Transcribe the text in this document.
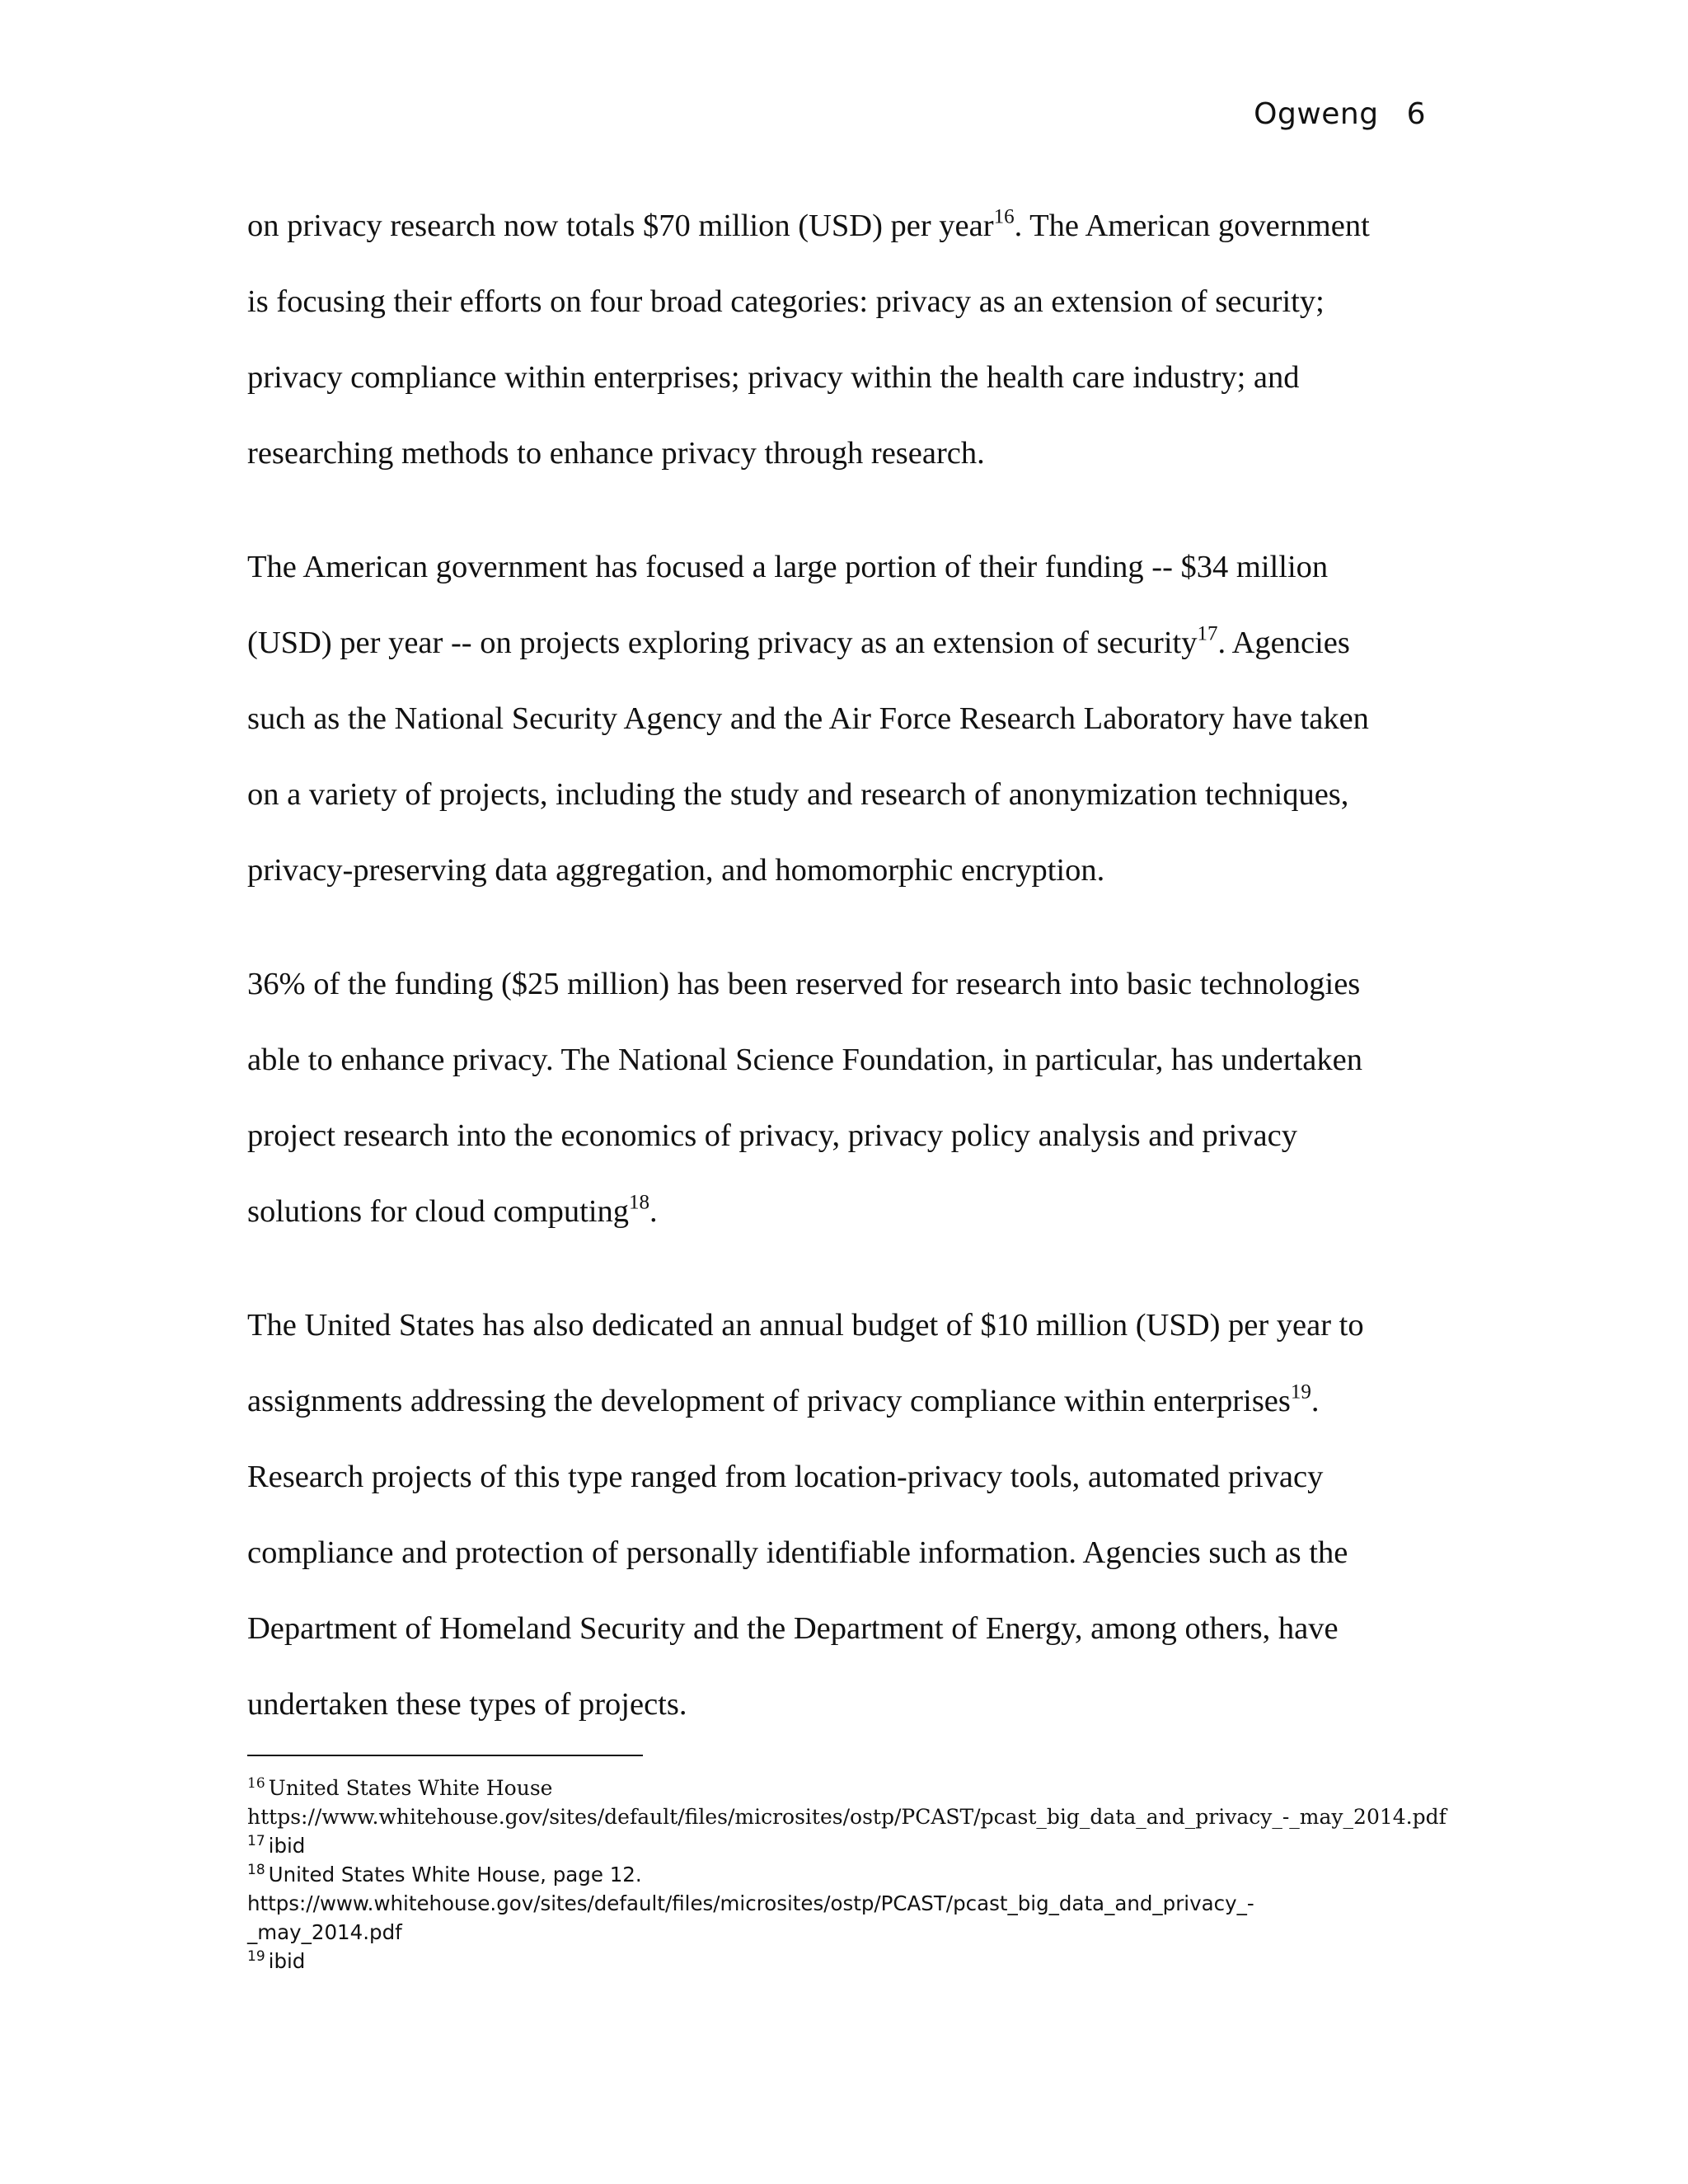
Ogweng 6

on privacy research now totals $70 million (USD) per year$^{16}$. The American government
is focusing their efforts on four broad categories: privacy as an extension of security;
privacy compliance within enterprises; privacy within the health care industry; and
researching methods to enhance privacy through research.

The American government has focused a large portion of their funding -- $34 million
(USD) per year -- on projects exploring privacy as an extension of security$^{17}$. Agencies
such as the National Security Agency and the Air Force Research Laboratory have taken
on a variety of projects, including the study and research of anonymization techniques,
privacy-preserving data aggregation, and homomorphic encryption.

36% of the funding ($25 million) has been reserved for research into basic technologies
able to enhance privacy. The National Science Foundation, in particular, has undertaken
project research into the economics of privacy, privacy policy analysis and privacy
solutions for cloud computing$^{18}$.

The United States has also dedicated an annual budget of $10 million (USD) per year to
assignments addressing the development of privacy compliance within enterprises$^{19}$.
Research projects of this type ranged from location-privacy tools, automated privacy
compliance and protection of personally identifiable information. Agencies such as the
Department of Homeland Security and the Department of Energy, among others, have
undertaken these types of projects.

$^{16}$ United States White House
https://www.whitehouse.gov/sites/default/files/microsites/ostp/PCAST/pcast_big_data_and_privacy_-_may_2014.pdf
$^{17}$ ibid
$^{18}$ United States White House, page 12.
https://www.whitehouse.gov/sites/default/files/microsites/ostp/PCAST/pcast_big_data_and_privacy_-
_may_2014.pdf
$^{19}$ ibid
